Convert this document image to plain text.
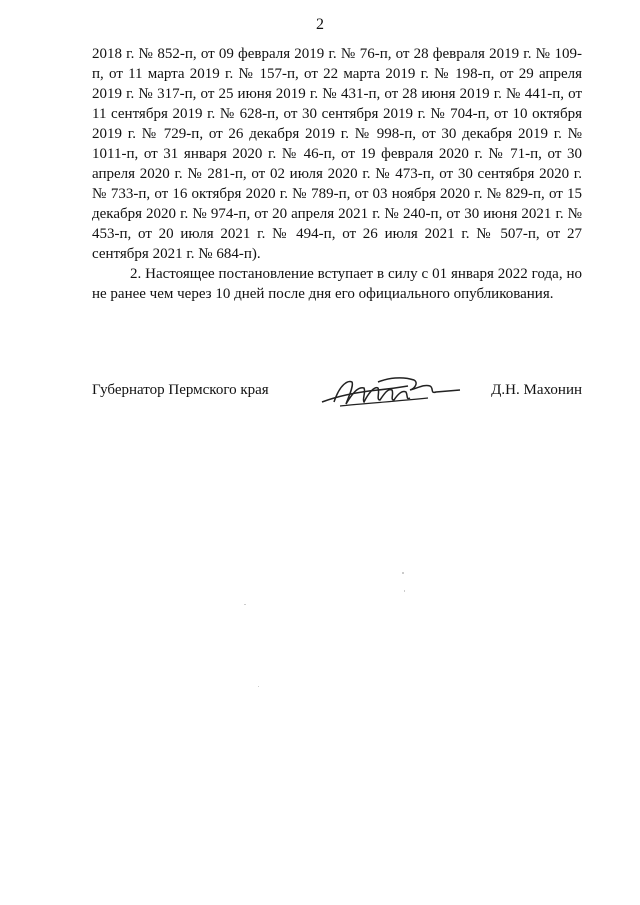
2

2018 г. № 852-п, от 09 февраля 2019 г. № 76-п, от 28 февраля 2019 г. № 109-п, от 11 марта 2019 г. № 157-п, от 22 марта 2019 г. № 198-п, от 29 апреля 2019 г. № 317-п, от 25 июня 2019 г. № 431-п, от 28 июня 2019 г. № 441-п, от 11 сентября 2019 г. № 628-п, от 30 сентября 2019 г. № 704-п, от 10 октября 2019 г. № 729-п, от 26 декабря 2019 г. № 998-п, от 30 декабря 2019 г. № 1011-п, от 31 января 2020 г. № 46-п, от 19 февраля 2020 г. № 71-п, от 30 апреля 2020 г. № 281-п, от 02 июля 2020 г. № 473-п, от 30 сентября 2020 г. № 733-п, от 16 октября 2020 г. № 789-п, от 03 ноября 2020 г. № 829-п, от 15 декабря 2020 г. № 974-п, от 20 апреля 2021 г. № 240-п, от 30 июня 2021 г. № 453-п, от 20 июля 2021 г. № 494-п, от 26 июля 2021 г. № 507-п, от 27 сентября 2021 г. № 684-п).

2. Настоящее постановление вступает в силу с 01 января 2022 года, но не ранее чем через 10 дней после дня его официального опубликования.

Губернатор Пермского края	Д.Н. Махонин
